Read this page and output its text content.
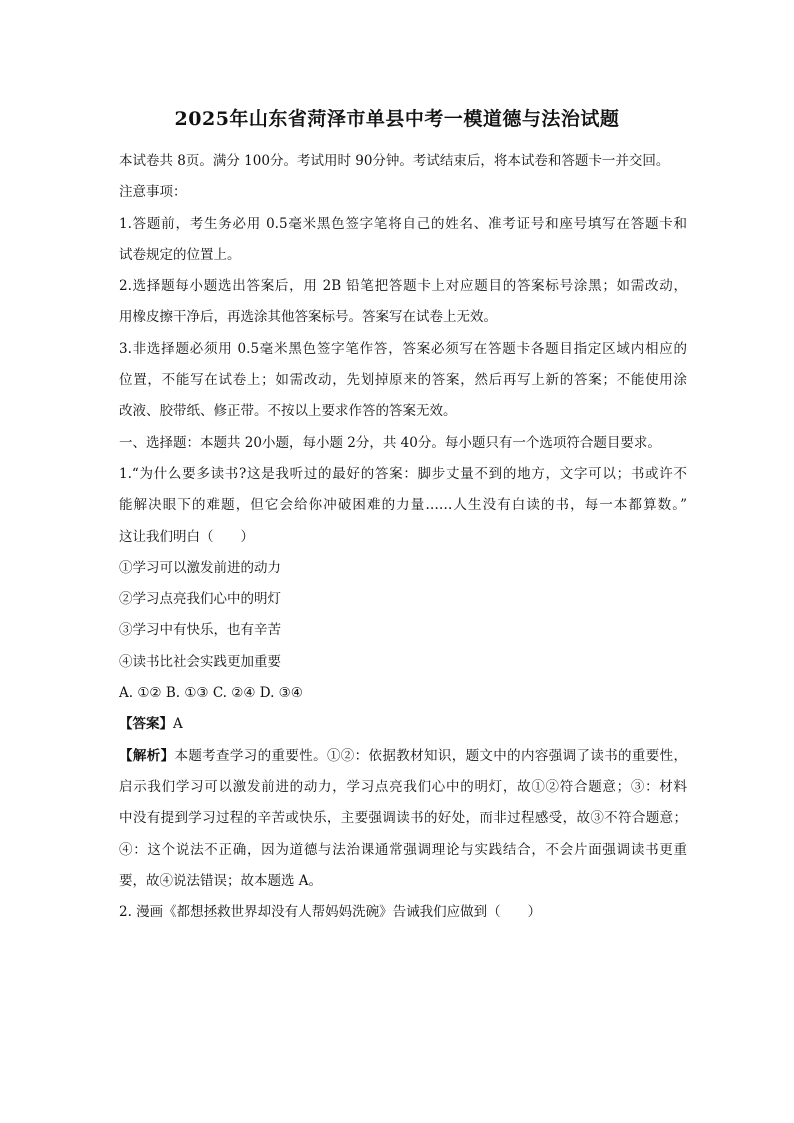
2025年山东省菏泽市单县中考一模道德与法治试题
本试卷共 8页。满分 100分。考试用时 90分钟。考试结束后，将本试卷和答题卡一并交回。
注意事项：
1.答题前，考生务必用 0.5毫米黑色签字笔将自己的姓名、准考证号和座号填写在答题卡和
试卷规定的位置上。
2.选择题每小题选出答案后，用 2B 铅笔把答题卡上对应题目的答案标号涂黑；如需改动，
用橡皮擦干净后，再选涂其他答案标号。答案写在试卷上无效。
3.非选择题必须用 0.5毫米黑色签字笔作答，答案必须写在答题卡各题目指定区域内相应的
位置，不能写在试卷上；如需改动，先划掉原来的答案，然后再写上新的答案；不能使用涂
改液、胶带纸、修正带。不按以上要求作答的答案无效。
一、选择题：本题共 20小题，每小题 2分，共 40分。每小题只有一个选项符合题目要求。
1.“为什么要多读书?这是我听过的最好的答案：脚步丈量不到的地方，文字可以；书或许不
能解决眼下的难题，但它会给你冲破困难的力量……人生没有白读的书，每一本都算数。”
这让我们明白（　　）
①学习可以激发前进的动力
②学习点亮我们心中的明灯
③学习中有快乐，也有辛苦
④读书比社会实践更加重要
A. ①② B. ①③ C. ②④ D. ③④
【答案】A
【解析】本题考查学习的重要性。①②：依据教材知识，题文中的内容强调了读书的重要性，
启示我们学习可以激发前进的动力，学习点亮我们心中的明灯，故①②符合题意；③：材料
中没有提到学习过程的辛苦或快乐，主要强调读书的好处，而非过程感受，故③不符合题意；
④：这个说法不正确，因为道德与法治课通常强调理论与实践结合，不会片面强调读书更重
要，故④说法错误；故本题选 A。
2. 漫画《都想拯救世界却没有人帮妈妈洗碗》告诫我们应做到（　　）
